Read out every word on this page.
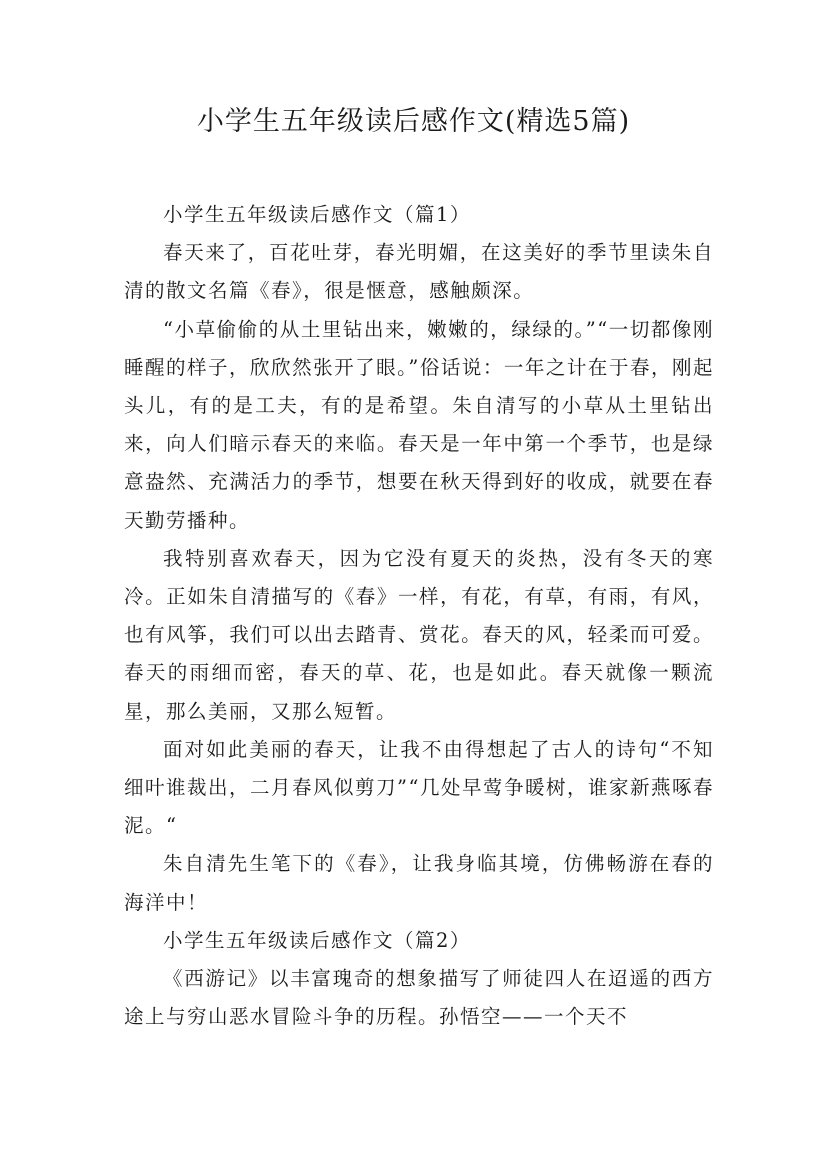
小学生五年级读后感作文(精选5篇)

小学生五年级读后感作文（篇1）

春天来了，百花吐芽，春光明媚，在这美好的季节里读朱自清的散文名篇《春》，很是惬意，感触颇深。

“小草偷偷的从土里钻出来，嫩嫩的，绿绿的。”“一切都像刚睡醒的样子，欣欣然张开了眼。”俗话说：一年之计在于春，刚起头儿，有的是工夫，有的是希望。朱自清写的小草从土里钻出来，向人们暗示春天的来临。春天是一年中第一个季节，也是绿意盎然、充满活力的季节，想要在秋天得到好的收成，就要在春天勤劳播种。

我特别喜欢春天，因为它没有夏天的炎热，没有冬天的寒冷。正如朱自清描写的《春》一样，有花，有草，有雨，有风，也有风筝，我们可以出去踏青、赏花。春天的风，轻柔而可爱。春天的雨细而密，春天的草、花，也是如此。春天就像一颗流星，那么美丽，又那么短暂。

面对如此美丽的春天，让我不由得想起了古人的诗句“不知细叶谁裁出，二月春风似剪刀”“几处早莺争暖树，谁家新燕啄春泥。“

朱自清先生笔下的《春》，让我身临其境，仿佛畅游在春的海洋中！

小学生五年级读后感作文（篇2）

《西游记》以丰富瑰奇的想象描写了师徒四人在迢遥的西方途上与穷山恶水冒险斗争的历程。孙悟空——一个天不
